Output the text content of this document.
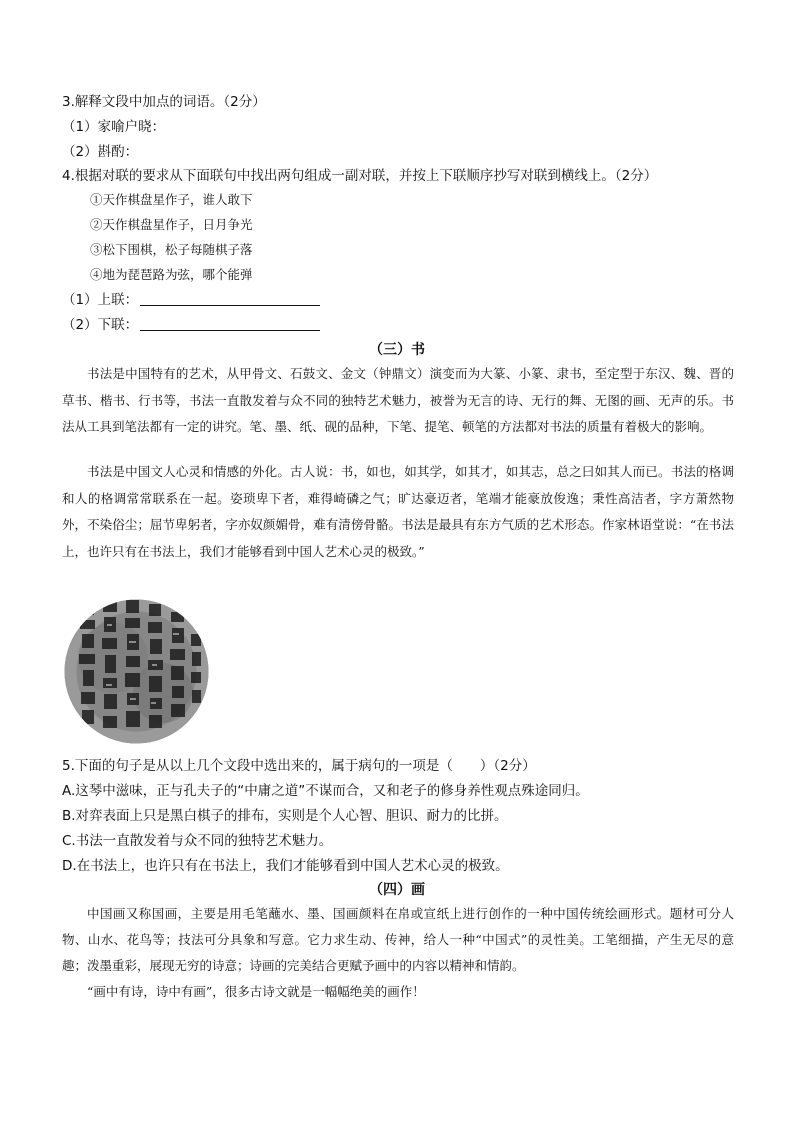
3.解释文段中加点的词语。（2分）
（1）家喻户晓：
（2）斟酌：
4.根据对联的要求从下面联句中找出两句组成一副对联，并按上下联顺序抄写对联到横线上。（2分）
①天作棋盘星作子，谁人敢下
②天作棋盘星作子，日月争光
③松下围棋，松子每随棋子落
④地为琵琶路为弦，哪个能弹
（1）上联：
（2）下联：
（三）书

书法是中国特有的艺术，从甲骨文、石鼓文、金文（钟鼎文）演变而为大篆、小篆、隶书，至定型于东汉、魏、晋的草书、楷书、行书等，书法一直散发着与众不同的独特艺术魅力，被誉为无言的诗、无行的舞、无图的画、无声的乐。书法从工具到笔法都有一定的讲究。笔、墨、纸、砚的品种，下笔、提笔、顿笔的方法都对书法的质量有着极大的影响。

书法是中国文人心灵和情感的外化。古人说：书，如也，如其学，如其才，如其志，总之曰如其人而已。书法的格调和人的格调常常联系在一起。姿琐卑下者，难得崎磷之气；旷达豪迈者，笔端才能豪放俊逸；秉性高洁者，字方萧然物外，不染俗尘；屈节卑躬者，字亦奴颜媚骨，难有清傍骨骼。书法是最具有东方气质的艺术形态。作家林语堂说：“在书法上，也许只有在书法上，我们才能够看到中国人艺术心灵的极致。”

5.下面的句子是从以上几个文段中选出来的，属于病句的一项是（　　）（2分）
A.这琴中滋味，正与孔夫子的“中庸之道”不谋而合，又和老子的修身养性观点殊途同归。
B.对弈表面上只是黑白棋子的排布，实则是个人心智、胆识、耐力的比拼。
C.书法一直散发着与众不同的独特艺术魅力。
D.在书法上，也许只有在书法上，我们才能够看到中国人艺术心灵的极致。
（四）画

中国画又称国画，主要是用毛笔蘸水、墨、国画颜料在帛或宣纸上进行创作的一种中国传统绘画形式。题材可分人物、山水、花鸟等；技法可分具象和写意。它力求生动、传神，给人一种“中国式”的灵性美。工笔细描，产生无尽的意趣；泼墨重彩，展现无穷的诗意；诗画的完美结合更赋予画中的内容以精神和情韵。

“画中有诗，诗中有画”，很多古诗文就是一幅幅绝美的画作！
